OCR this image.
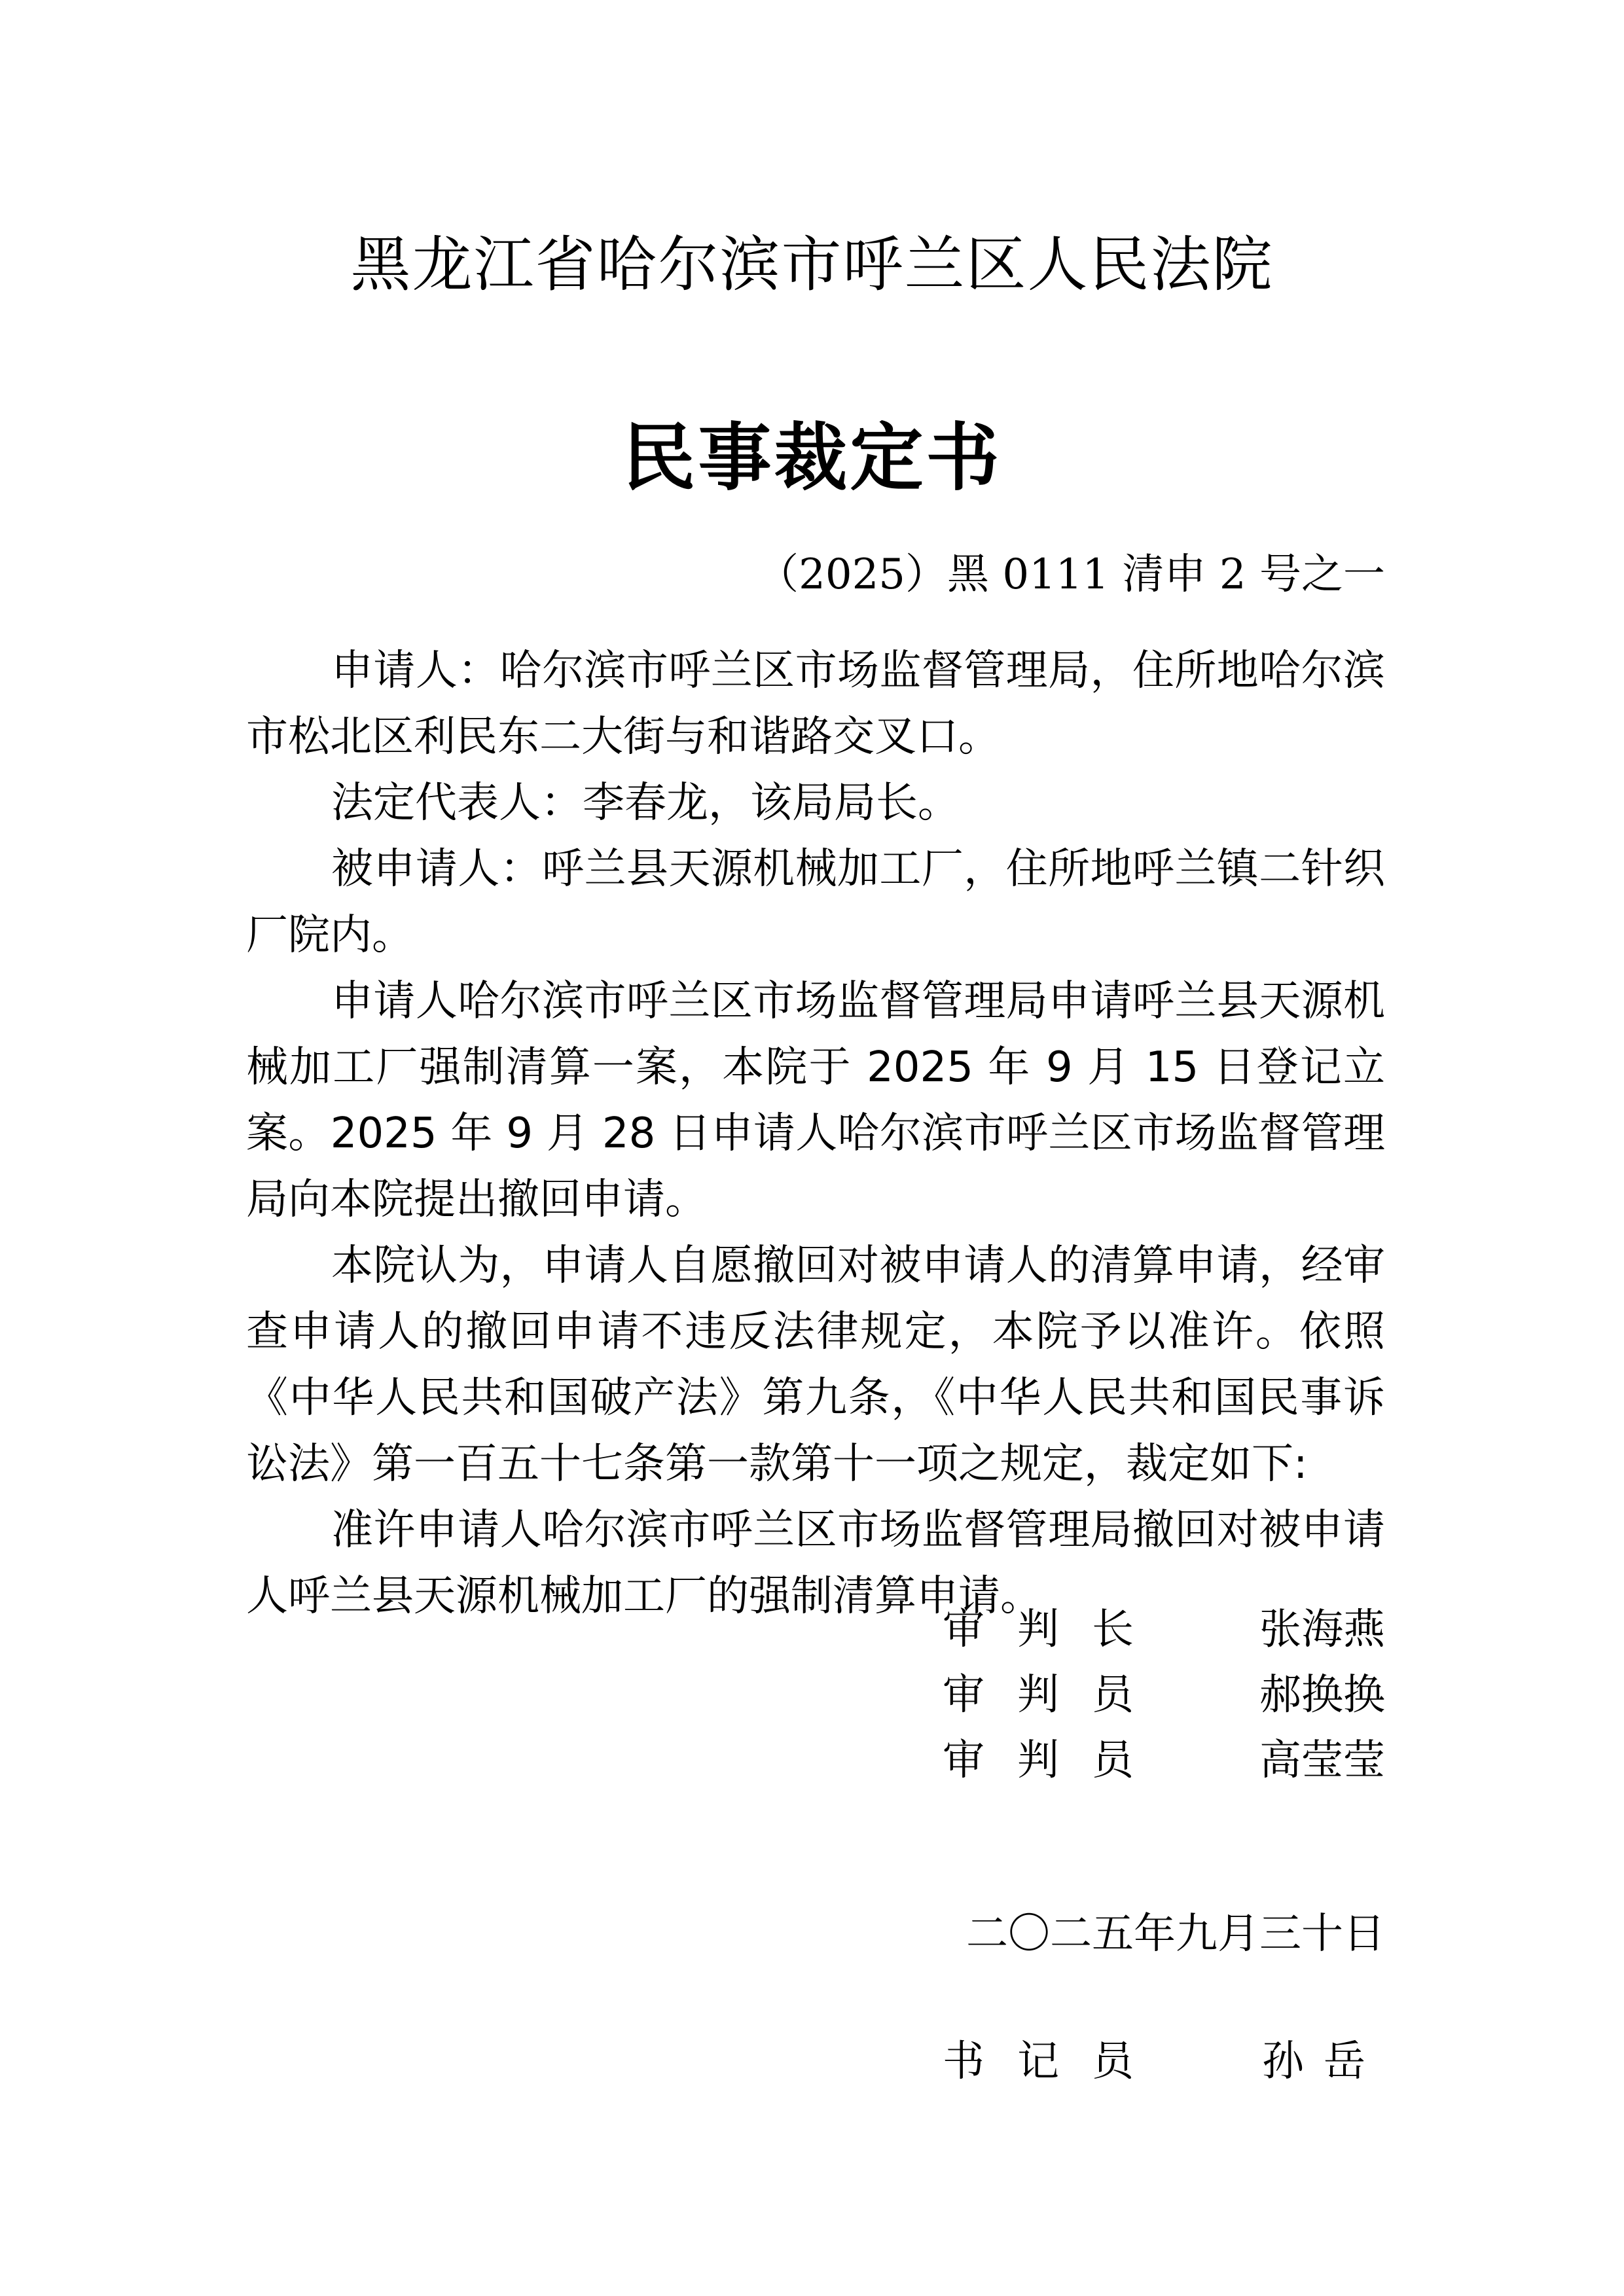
黑龙江省哈尔滨市呼兰区人民法院
民事裁定书
（2025）黑 0111 清申 2 号之一

申请人：哈尔滨市呼兰区市场监督管理局，住所地哈尔滨市松北区利民东二大街与和谐路交叉口。

法定代表人：李春龙，该局局长。

被申请人：呼兰县天源机械加工厂，住所地呼兰镇二针织厂院内。

申请人哈尔滨市呼兰区市场监督管理局申请呼兰县天源机械加工厂强制清算一案，本院于 2025 年 9 月 15 日登记立案。2025 年 9 月 28 日申请人哈尔滨市呼兰区市场监督管理局向本院提出撤回申请。

本院认为，申请人自愿撤回对被申请人的清算申请，经审查申请人的撤回申请不违反法律规定，本院予以准许。依照《中华人民共和国破产法》第九条，《中华人民共和国民事诉讼法》第一百五十七条第一款第十一项之规定，裁定如下:

准许申请人哈尔滨市呼兰区市场监督管理局撤回对被申请人呼兰县天源机械加工厂的强制清算申请。

审判长 张海燕
审判员 郝换换
审判员 高莹莹
二〇二五年九月三十日
书记员 孙岳
